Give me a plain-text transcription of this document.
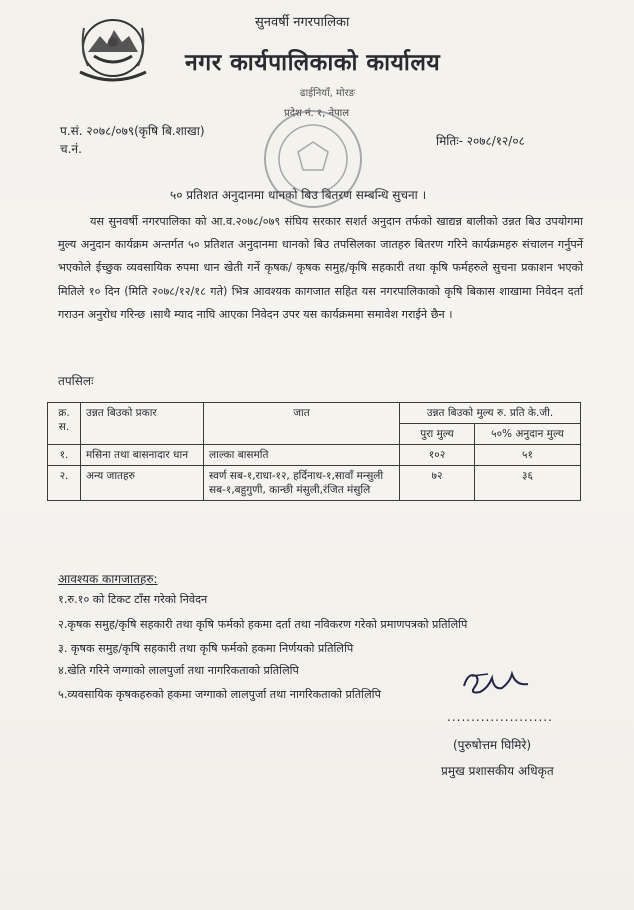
सुनवर्षी नगरपालिका
नगर कार्यपालिकाको कार्यालय
ढाईनियाँ, मोरङ
प्रदेश नं. १, नेपाल
प.सं. २०७८/०७९(कृषि बि.शाखा)
च.नं.
मितिः- २०७८/१२/०८
५० प्रतिशत अनुदानमा धानको बिउ बितरण सम्बन्धि सुचना ।

यस सुनवर्षी नगरपालिका को आ.व.२०७८/०७९ संघिय सरकार सशर्त अनुदान तर्फको खाद्यन्न बालीको उन्नत बिउ उपयोगमा मुल्य अनुदान कार्यक्रम अन्तर्गत ५० प्रतिशत अनुदानमा धानको बिउ तपसिलका जातहरु बितरण गरिने कार्यक्रमहरु संचालन गर्नुपर्ने भएकोले ईच्छुक व्यवसायिक रुपमा धान खेती गर्ने कृषक/ कृषक समुह/कृषि सहकारी तथा कृषि फर्महरुले सुचना प्रकाशन भएको मितिले १० दिन (मिति २०७८/१२/१८ गते) भित्र आवश्यक कागजात सहित यस नगरपालिकाको कृषि बिकास शाखामा निवेदन दर्ता गराउन अनुरोध गरिन्छ ।साथै म्याद नाघि आएका निवेदन उपर यस कार्यक्रममा समावेश गराईने छैन ।

तपसिलः
क्र. स.	उन्नत बिउको प्रकार	जात	उन्नत बिउको मुल्य रु. प्रति के.जी.	
			पुरा मुल्य	५०% अनुदान मुल्य
१.	मसिना तथा बासनादार धान	लाल्का बासमति	१०२	५१
२.	अन्य जातहरु	स्वर्ण सब-१,राधा-१२, हर्दिनाथ-१,सावाँ मन्सुली सब-१,बहुगुणी, कान्छी मंसुली,रंजित मंसुलि	७२	३६
आवश्यक कागजातहरु:
१.रु.१० को टिकट टाँस गरेको निवेदन
२.कृषक समुह/कृषि सहकारी तथा कृषि फर्मको हकमा दर्ता तथा नविकरण गरेको प्रमाणपत्रको प्रतिलिपि
३. कृषक समुह/कृषि सहकारी तथा कृषि फर्मको हकमा निर्णयको प्रतिलिपि
४.खेति गरिने जग्गाको लालपुर्जा तथा नागरिकताको प्रतिलिपि
५.व्यवसायिक कृषकहरुको हकमा जग्गाको लालपुर्जा तथा नागरिकताको प्रतिलिपि
......................
(पुरुषोत्तम घिमिरे)
प्रमुख प्रशासकीय अधिकृत
